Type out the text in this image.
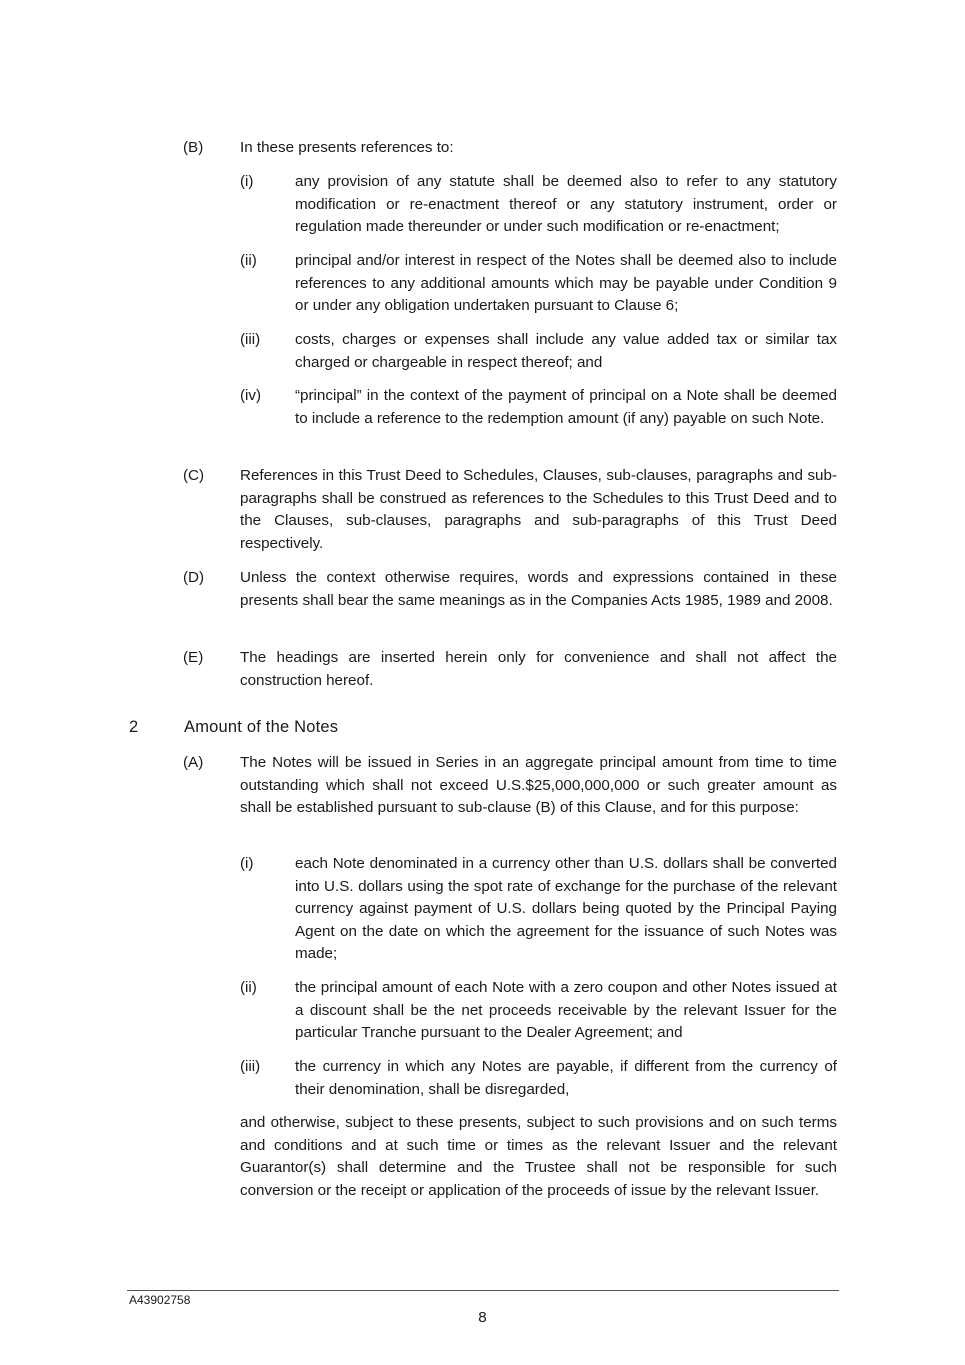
(B) In these presents references to:
(i)	any provision of any statute shall be deemed also to refer to any statutory modification or re-enactment thereof or any statutory instrument, order or regulation made thereunder or under such modification or re-enactment;
(ii)	principal and/or interest in respect of the Notes shall be deemed also to include references to any additional amounts which may be payable under Condition 9 or under any obligation undertaken pursuant to Clause 6;
(iii) costs, charges or expenses shall include any value added tax or similar tax charged or chargeable in respect thereof; and
(iv) “principal” in the context of the payment of principal on a Note shall be deemed to include a reference to the redemption amount (if any) payable on such Note.
(C) References in this Trust Deed to Schedules, Clauses, sub-clauses, paragraphs and sub-paragraphs shall be construed as references to the Schedules to this Trust Deed and to the Clauses, sub-clauses, paragraphs and sub-paragraphs of this Trust Deed respectively.
(D) Unless the context otherwise requires, words and expressions contained in these presents shall bear the same meanings as in the Companies Acts 1985, 1989 and 2008.
(E) The headings are inserted herein only for convenience and shall not affect the construction hereof.
2	Amount of the Notes
(A) The Notes will be issued in Series in an aggregate principal amount from time to time outstanding which shall not exceed U.S.$25,000,000,000 or such greater amount as shall be established pursuant to sub-clause (B) of this Clause, and for this purpose:
(i)	each Note denominated in a currency other than U.S. dollars shall be converted into U.S. dollars using the spot rate of exchange for the purchase of the relevant currency against payment of U.S. dollars being quoted by the Principal Paying Agent on the date on which the agreement for the issuance of such Notes was made;
(ii)	the principal amount of each Note with a zero coupon and other Notes issued at a discount shall be the net proceeds receivable by the relevant Issuer for the particular Tranche pursuant to the Dealer Agreement; and
(iii) the currency in which any Notes are payable, if different from the currency of their denomination, shall be disregarded,
and otherwise, subject to these presents, subject to such provisions and on such terms and conditions and at such time or times as the relevant Issuer and the relevant Guarantor(s) shall determine and the Trustee shall not be responsible for such conversion or the receipt or application of the proceeds of issue by the relevant Issuer.
A43902758
8
